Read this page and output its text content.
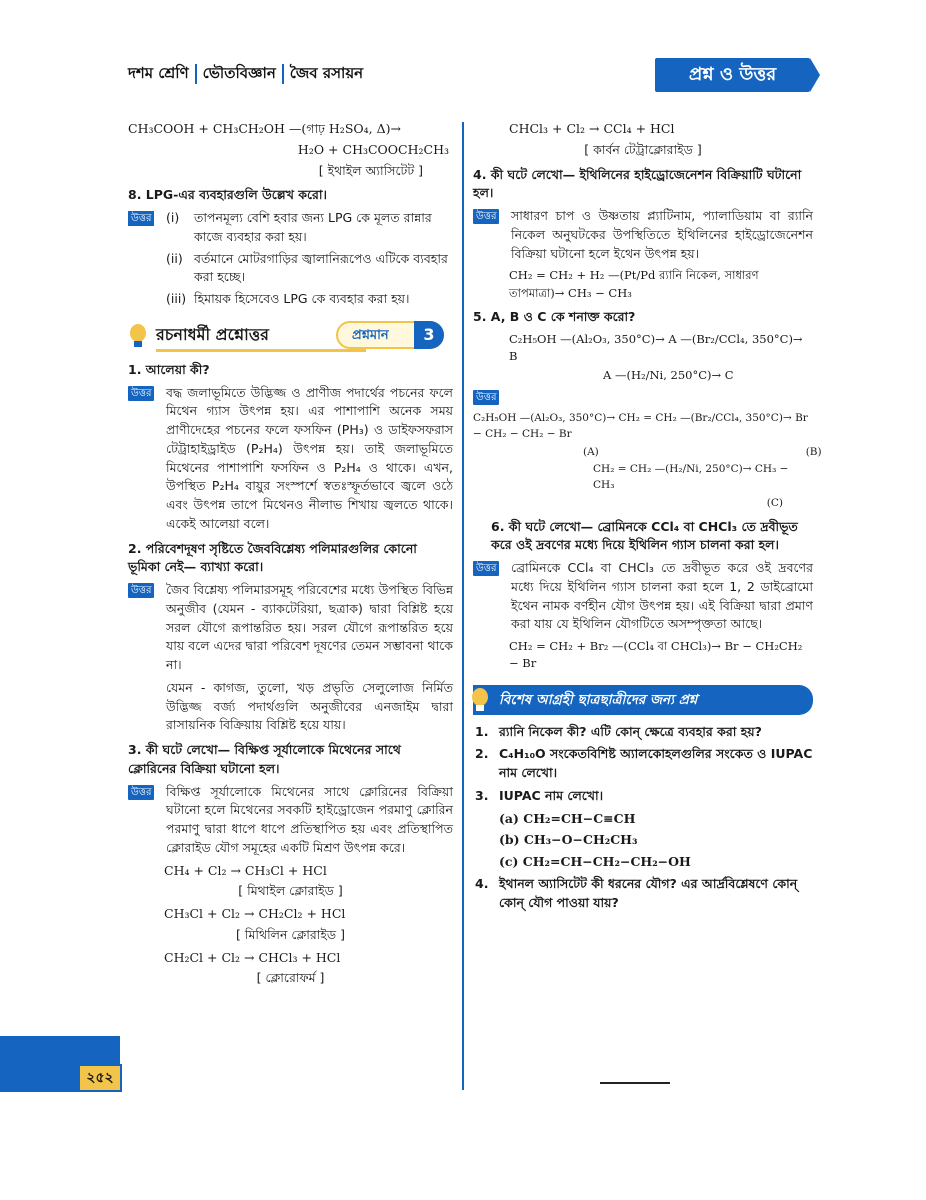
দশম শ্রেণি ভৌতবিজ্ঞান জৈব রসায়ন	প্রশ্ন ও উত্তর
CH₃COOH + CH₃CH₂OH —(গাঢ় H₂SO₄, Δ)→
H₂O + CH₃COOCH₂CH₃
[ ইথাইল অ্যাসিটেট ]
8. LPG-এর ব্যবহারগুলি উল্লেখ করো।
উত্তর (i)	তাপনমূল্য বেশি হবার জন্য LPG কে মূলত রান্নার কাজে ব্যবহার করা হয়।
(ii) বর্তমানে মোটরগাড়ির জ্বালানিরূপেও এটিকে ব্যবহার করা হচ্ছে।
(iii) হিমায়ক হিসেবেও LPG কে ব্যবহার করা হয়।
রচনাধর্মী প্রশ্নোত্তর	প্রশ্নমান	3
1. আলেয়া কী?
উত্তর বদ্ধ জলাভূমিতে উদ্ভিজ্জ ও প্রাণীজ পদার্থের পচনের ফলে মিথেন গ্যাস উৎপন্ন হয়। এর পাশাপাশি অনেক সময় প্রাণীদেহের পচনের ফলে ফসফিন (PH₃) ও ডাইফসফরাস টেট্রাহাইড্রাইড (P₂H₄) উৎপন্ন হয়। তাই জলাভূমিতে মিথেনের পাশাপাশি ফসফিন ও P₂H₄ ও থাকে। এখন, উপস্থিত P₂H₄ বায়ুর সংস্পর্শে স্বতঃস্ফূর্তভাবে জ্বলে ওঠে এবং উৎপন্ন তাপে মিথেনও নীলাভ শিখায় জ্বলতে থাকে। একেই আলেয়া বলে।
2. পরিবেশদূষণ সৃষ্টিতে জৈববিশ্লেষ্য পলিমারগুলির কোনো ভূমিকা নেই— ব্যাখ্যা করো।
উত্তর জৈব বিশ্লেষ্য পলিমারসমূহ পরিবেশের মধ্যে উপস্থিত বিভিন্ন অনুজীব (যেমন - ব্যাকটেরিয়া, ছত্রাক) দ্বারা বিশ্লিষ্ট হয়ে সরল যৌগে রূপান্তরিত হয়। সরল যৌগে রূপান্তরিত হয়ে যায় বলে এদের দ্বারা পরিবেশ দূষণের তেমন সম্ভাবনা থাকে না।
যেমন - কাগজ, তুলো, খড় প্রভৃতি সেলুলোজ নির্মিত উদ্ভিজ্জ বর্জ্য পদার্থগুলি অনুজীবের এনজাইম দ্বারা রাসায়নিক বিক্রিয়ায় বিশ্লিষ্ট হয়ে যায়।
3. কী ঘটে লেখো— বিক্ষিপ্ত সূর্যালোকে মিথেনের সাথে ক্লোরিনের বিক্রিয়া ঘটানো হল।
উত্তর বিক্ষিপ্ত সূর্যালোকে মিথেনের সাথে ক্লোরিনের বিক্রিয়া ঘটানো হলে মিথেনের সবকটি হাইড্রোজেন পরমাণু ক্লোরিন পরমাণু দ্বারা ধাপে ধাপে প্রতিস্থাপিত হয় এবং প্রতিস্থাপিত ক্লোরাইড যৌগ সমূহের একটি মিশ্রণ উৎপন্ন করে।
CH₄ + Cl₂ → CH₃Cl + HCl
[ মিথাইল ক্লোরাইড ]
CH₃Cl + Cl₂ → CH₂Cl₂ + HCl
[ মিথিলিন ক্লোরাইড ]
CH₂Cl + Cl₂ → CHCl₃ + HCl
[ ক্লোরোফর্ম ]
CHCl₃ + Cl₂ → CCl₄ + HCl
[ কার্বন টেট্রাক্লোরাইড ]
4. কী ঘটে লেখো— ইথিলিনের হাইড্রোজেনেশন বিক্রিয়াটি ঘটানো হল।
উত্তর সাধারণ চাপ ও উষ্ণতায় প্ল্যাটিনাম, প্যালাডিয়াম বা র‍্যানি নিকেল অনুঘটকের উপস্থিতিতে ইথিলিনের হাইড্রোজেনেশন বিক্রিয়া ঘটানো হলে ইথেন উৎপন্ন হয়।
CH₂ = CH₂ + H₂ —(Pt/Pd র‍্যানি নিকেল, সাধারণ তাপমাত্রা)→ CH₃ − CH₃
5. A, B ও C কে শনাক্ত করো?
C₂H₅OH —(Al₂O₃, 350°C)→ A —(Br₂/CCl₄, 350°C)→ B
A —(H₂/Ni, 250°C)→ C
উত্তর

C₂H₅OH —(Al₂O₃, 350°C)→ CH₂ = CH₂ —(Br₂/CCl₄, 350°C)→ Br − CH₂ − CH₂ − Br
(A)                                                              (B)
CH₂ = CH₂ —(H₂/Ni, 250°C)→ CH₃ − CH₃
(C)
6. কী ঘটে লেখো— ব্রোমিনকে CCl₄ বা CHCl₃ তে দ্রবীভূত করে ওই দ্রবণের মধ্যে দিয়ে ইথিলিন গ্যাস চালনা করা হল।
উত্তর ব্রোমিনকে CCl₄ বা CHCl₃ তে দ্রবীভূত করে ওই দ্রবণের মধ্যে দিয়ে ইথিলিন গ্যাস চালনা করা হলে 1, 2 ডাইব্রোমো ইথেন নামক বর্ণহীন যৌগ উৎপন্ন হয়। এই বিক্রিয়া দ্বারা প্রমাণ করা যায় যে ইথিলিন যৌগটিতে অসম্পৃক্ততা আছে।
CH₂ = CH₂ + Br₂ —(CCl₄ বা CHCl₃)→ Br − CH₂CH₂ − Br
বিশেষ আগ্রহী ছাত্রছাত্রীদের জন্য প্রশ্ন
1. র‍্যানি নিকেল কী? এটি কোন্ ক্ষেত্রে ব্যবহার করা হয়?
2. C₄H₁₀O সংকেতবিশিষ্ট অ্যালকোহলগুলির সংকেত ও IUPAC নাম লেখো।
3. IUPAC নাম লেখো।
(a) CH₂=CH−C≡CH
(b) CH₃−O−CH₂CH₃
(c) CH₂=CH−CH₂−CH₂−OH
4. ইথানল অ্যাসিটেট কী ধরনের যৌগ? এর আর্দ্রবিশ্লেষণে কোন্ কোন্ যৌগ পাওয়া যায়?
২৫২
